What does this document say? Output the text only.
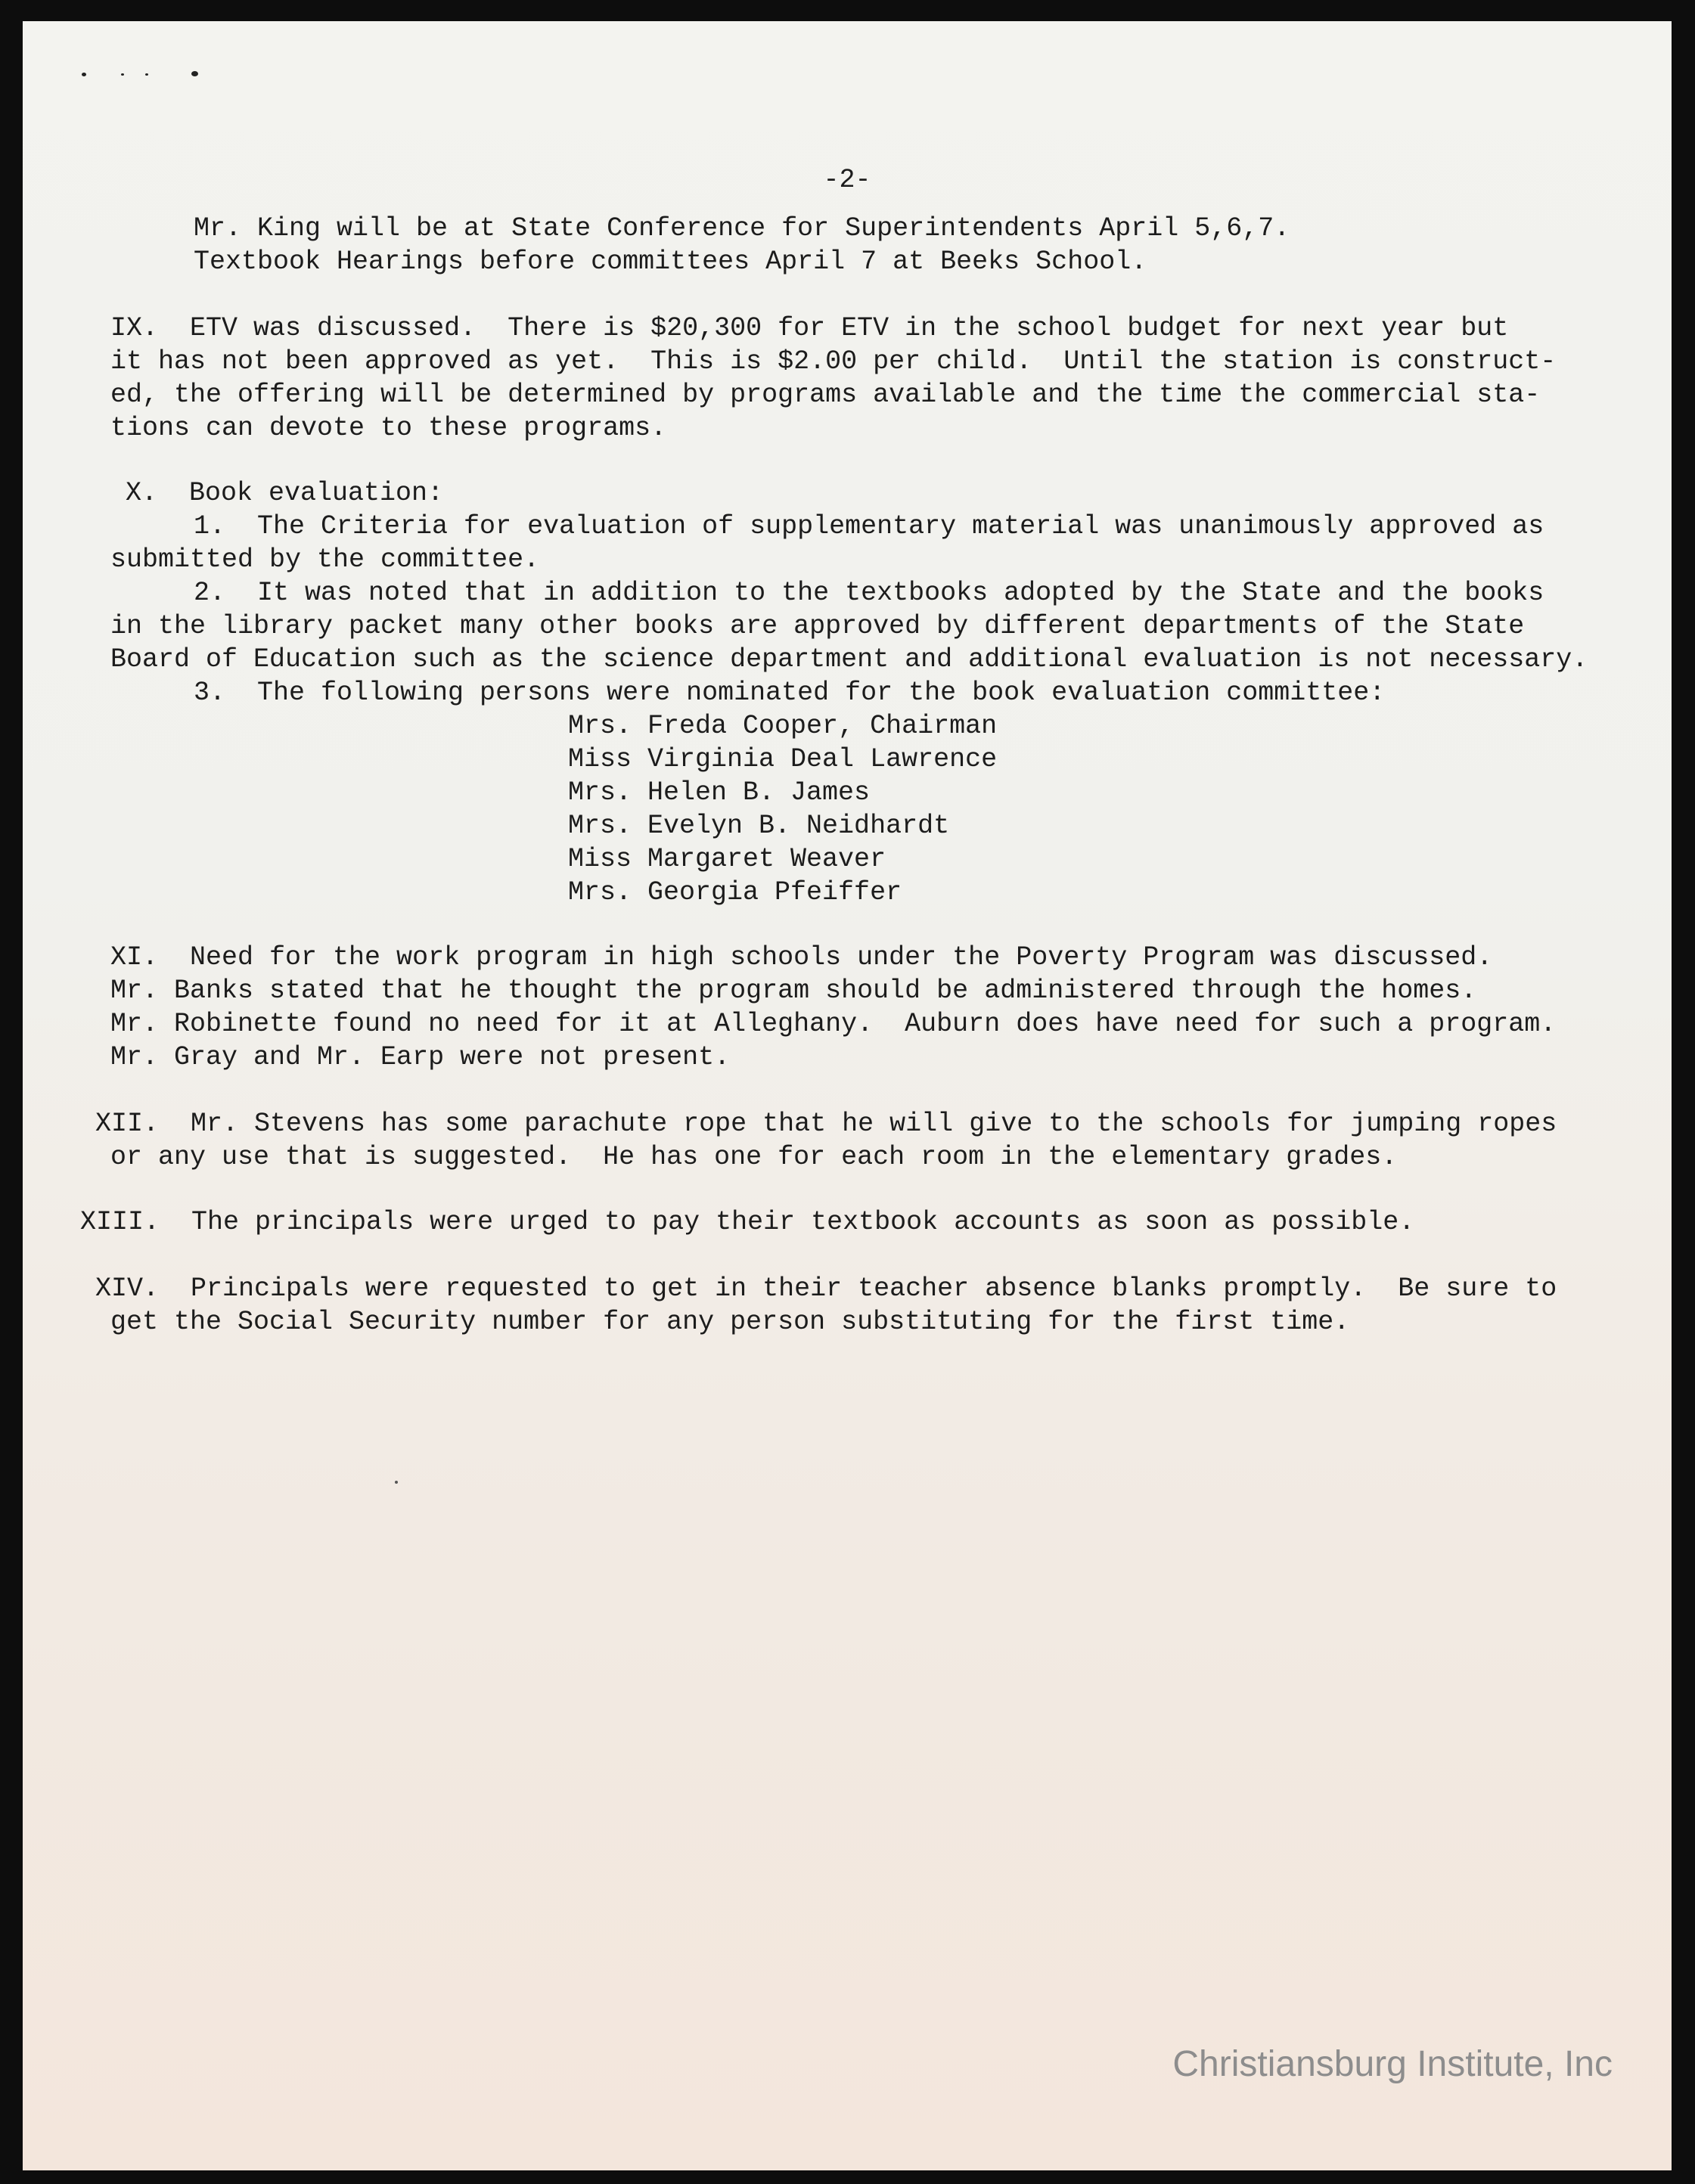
-2-
Mr. King will be at State Conference for Superintendents April 5,6,7.
Textbook Hearings before committees April 7 at Beeks School.
IX.  ETV was discussed.  There is $20,300 for ETV in the school budget for next year but
it has not been approved as yet.  This is $2.00 per child.  Until the station is construct-
ed, the offering will be determined by programs available and the time the commercial sta-
tions can devote to these programs.
X.  Book evaluation:
1.  The Criteria for evaluation of supplementary material was unanimously approved as
submitted by the committee.
2.  It was noted that in addition to the textbooks adopted by the State and the books
in the library packet many other books are approved by different departments of the State
Board of Education such as the science department and additional evaluation is not necessary.
3.  The following persons were nominated for the book evaluation committee:
Mrs. Freda Cooper, Chairman
Miss Virginia Deal Lawrence
Mrs. Helen B. James
Mrs. Evelyn B. Neidhardt
Miss Margaret Weaver
Mrs. Georgia Pfeiffer
XI.  Need for the work program in high schools under the Poverty Program was discussed.
Mr. Banks stated that he thought the program should be administered through the homes.
Mr. Robinette found no need for it at Alleghany.  Auburn does have need for such a program.
Mr. Gray and Mr. Earp were not present.
XII.  Mr. Stevens has some parachute rope that he will give to the schools for jumping ropes
or any use that is suggested.  He has one for each room in the elementary grades.
XIII.  The principals were urged to pay their textbook accounts as soon as possible.
XIV.  Principals were requested to get in their teacher absence blanks promptly.  Be sure to
get the Social Security number for any person substituting for the first time.
Christiansburg Institute, Inc
